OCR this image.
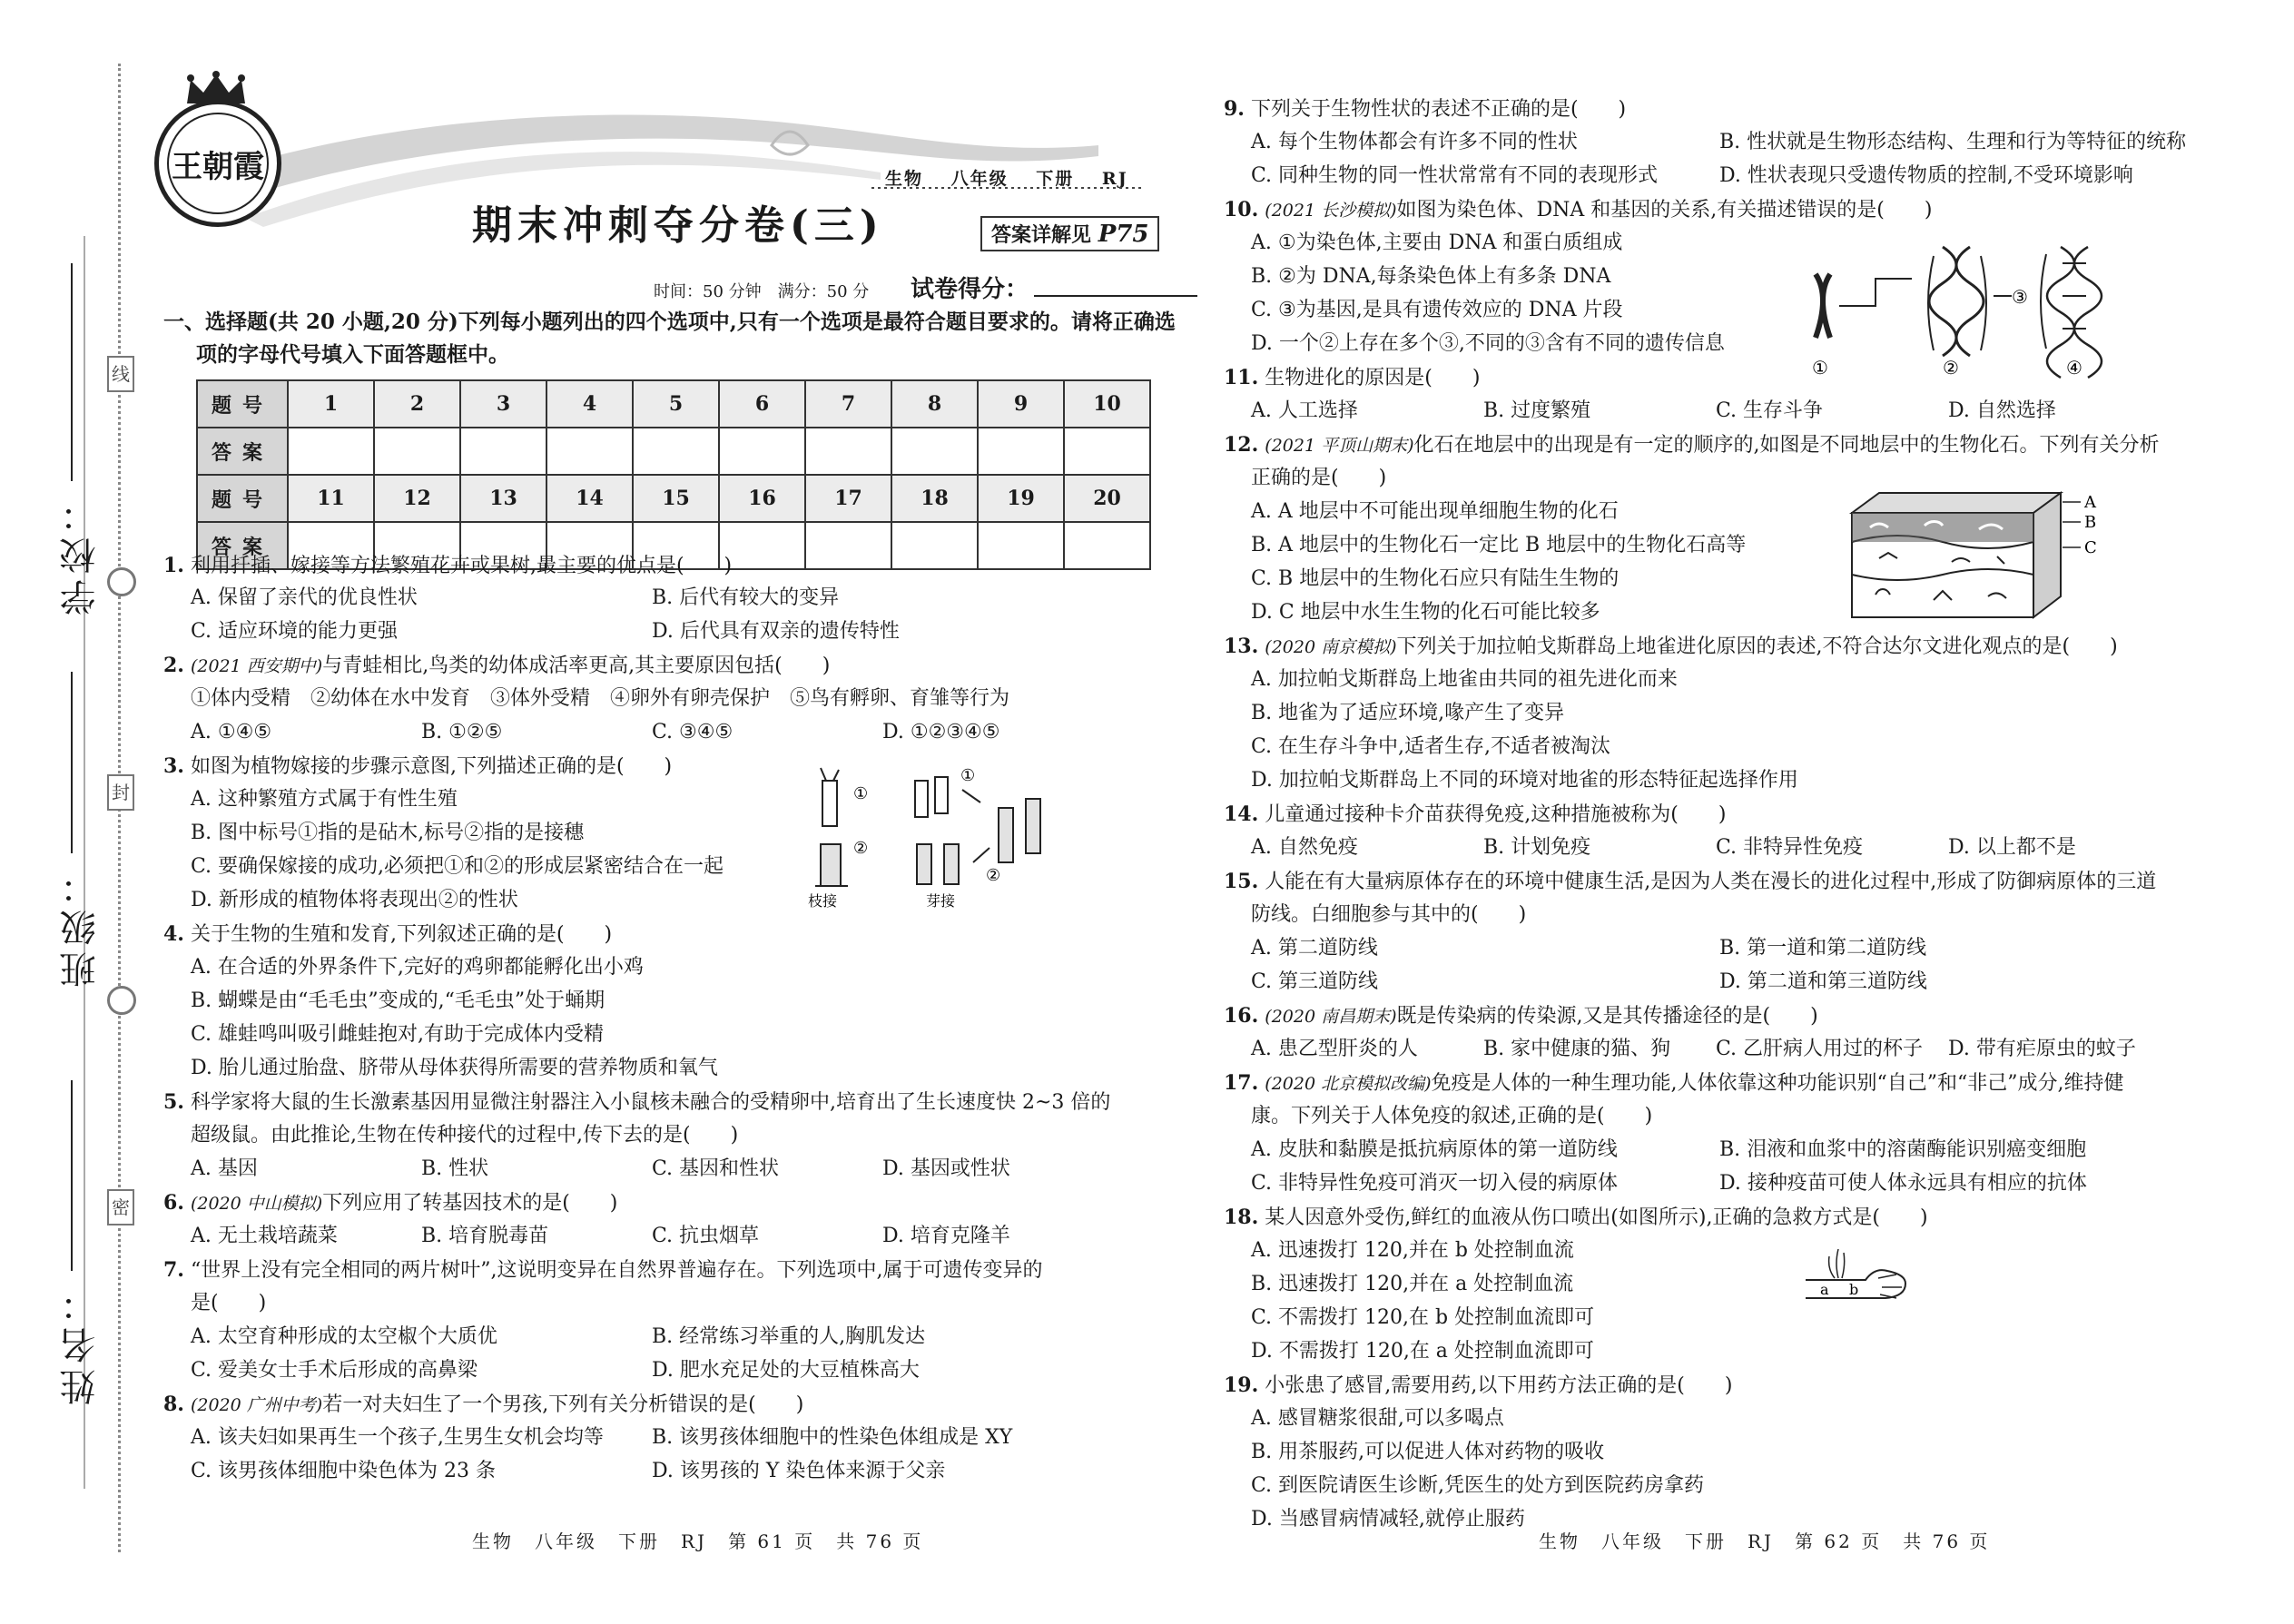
线
封
密
学校：
班级：
姓名：
王朝霞	生物 八年级 下册 RJ
期末冲刺夺分卷(三)	答案详解见 P75
时间：50 分钟　满分：50 分 试卷得分：
一、选择题(共 20 小题,20 分)下列每小题列出的四个选项中,只有一个选项是最符合题目要求的。请将正确选
项的字母代号填入下面答题框中。
题号	1	2	3	4	5	6	7	8	9	10
答案										
题号	11	12	13	14	15	16	17	18	19	20
答案										
1. 利用扦插、嫁接等方法繁殖花卉或果树,最主要的优点是(　　)
A. 保留了亲代的优良性状	B. 后代有较大的变异
C. 适应环境的能力更强	D. 后代具有双亲的遗传特性
2. (2021 西安期中)与青蛙相比,鸟类的幼体成活率更高,其主要原因包括(　　)
①体内受精　②幼体在水中发育　③体外受精　④卵外有卵壳保护　⑤鸟有孵卵、育雏等行为
A. ①④⑤	B. ①②⑤	C. ③④⑤	D. ①②③④⑤
3. 如图为植物嫁接的步骤示意图,下列描述正确的是(　　)
A. 这种繁殖方式属于有性生殖
B. 图中标号①指的是砧木,标号②指的是接穗
C. 要确保嫁接的成功,必须把①和②的形成层紧密结合在一起
D. 新形成的植物体将表现出②的性状
①
②
①
②
枝接	芽接
4. 关于生物的生殖和发育,下列叙述正确的是(　　)
A. 在合适的外界条件下,完好的鸡卵都能孵化出小鸡
B. 蝴蝶是由“毛毛虫”变成的,“毛毛虫”处于蛹期
C. 雄蛙鸣叫吸引雌蛙抱对,有助于完成体内受精
D. 胎儿通过胎盘、脐带从母体获得所需要的营养物质和氧气
5. 科学家将大鼠的生长激素基因用显微注射器注入小鼠核未融合的受精卵中,培育出了生长速度快 2~3 倍的
超级鼠。由此推论,生物在传种接代的过程中,传下去的是(　　)
A. 基因	B. 性状	C. 基因和性状	D. 基因或性状
6. (2020 中山模拟)下列应用了转基因技术的是(　　)
A. 无土栽培蔬菜	B. 培育脱毒苗	C. 抗虫烟草	D. 培育克隆羊
7. “世界上没有完全相同的两片树叶”,这说明变异在自然界普遍存在。下列选项中,属于可遗传变异的
是(　　)
A. 太空育种形成的太空椒个大质优	B. 经常练习举重的人,胸肌发达
C. 爱美女士手术后形成的高鼻梁	D. 肥水充足处的大豆植株高大
8. (2020 广州中考)若一对夫妇生了一个男孩,下列有关分析错误的是(　　)
A. 该夫妇如果再生一个孩子,生男生女机会均等 B. 该男孩体细胞中的性染色体组成是 XY
C. 该男孩体细胞中染色体为 23 条	D. 该男孩的 Y 染色体来源于父亲
生物　八年级　下册　RJ　第 61 页　共 76 页
9. 下列关于生物性状的表述不正确的是(　　)
A. 每个生物体都会有许多不同的性状	B. 性状就是生物形态结构、生理和行为等特征的统称
C. 同种生物的同一性状常常有不同的表现形式	D. 性状表现只受遗传物质的控制,不受环境影响
10. (2021 长沙模拟)如图为染色体、DNA 和基因的关系,有关描述错误的是(　　)
A. ①为染色体,主要由 DNA 和蛋白质组成
B. ②为 DNA,每条染色体上有多条 DNA
C. ③为基因,是具有遗传效应的 DNA 片段
D. 一个②上存在多个③,不同的③含有不同的遗传信息
①	②
③
④
11. 生物进化的原因是(　　)
A. 人工选择	B. 过度繁殖	C. 生存斗争	D. 自然选择
12. (2021 平顶山期末)化石在地层中的出现是有一定的顺序的,如图是不同地层中的生物化石。下列有关分析
正确的是(　　)
A. A 地层中不可能出现单细胞生物的化石
B. A 地层中的生物化石一定比 B 地层中的生物化石高等
C. B 地层中的生物化石应只有陆生生物的
D. C 地层中水生生物的化石可能比较多
A
B
C
13. (2020 南京模拟)下列关于加拉帕戈斯群岛上地雀进化原因的表述,不符合达尔文进化观点的是(　　)
A. 加拉帕戈斯群岛上地雀由共同的祖先进化而来
B. 地雀为了适应环境,喙产生了变异
C. 在生存斗争中,适者生存,不适者被淘汰
D. 加拉帕戈斯群岛上不同的环境对地雀的形态特征起选择作用
14. 儿童通过接种卡介苗获得免疫,这种措施被称为(　　)
A. 自然免疫	B. 计划免疫	C. 非特异性免疫	D. 以上都不是
15. 人能在有大量病原体存在的环境中健康生活,是因为人类在漫长的进化过程中,形成了防御病原体的三道
防线。白细胞参与其中的(　　)
A. 第二道防线	B. 第一道和第二道防线
C. 第三道防线	D. 第二道和第三道防线
16. (2020 南昌期末)既是传染病的传染源,又是其传播途径的是(　　)
A. 患乙型肝炎的人	B. 家中健康的猫、狗 C. 乙肝病人用过的杯子 D. 带有疟原虫的蚊子
17. (2020 北京模拟改编)免疫是人体的一种生理功能,人体依靠这种功能识别“自己”和“非己”成分,维持健
康。下列关于人体免疫的叙述,正确的是(　　)
A. 皮肤和黏膜是抵抗病原体的第一道防线	B. 泪液和血浆中的溶菌酶能识别癌变细胞
C. 非特异性免疫可消灭一切入侵的病原体	D. 接种疫苗可使人体永远具有相应的抗体
18. 某人因意外受伤,鲜红的血液从伤口喷出(如图所示),正确的急救方式是(　　)
A. 迅速拨打 120,并在 b 处控制血流
B. 迅速拨打 120,并在 a 处控制血流
C. 不需拨打 120,在 b 处控制血流即可
D. 不需拨打 120,在 a 处控制血流即可
a b
19. 小张患了感冒,需要用药,以下用药方法正确的是(　　)
A. 感冒糖浆很甜,可以多喝点
B. 用茶服药,可以促进人体对药物的吸收
C. 到医院请医生诊断,凭医生的处方到医院药房拿药
D. 当感冒病情减轻,就停止服药
生物　八年级　下册　RJ　第 62 页　共 76 页
